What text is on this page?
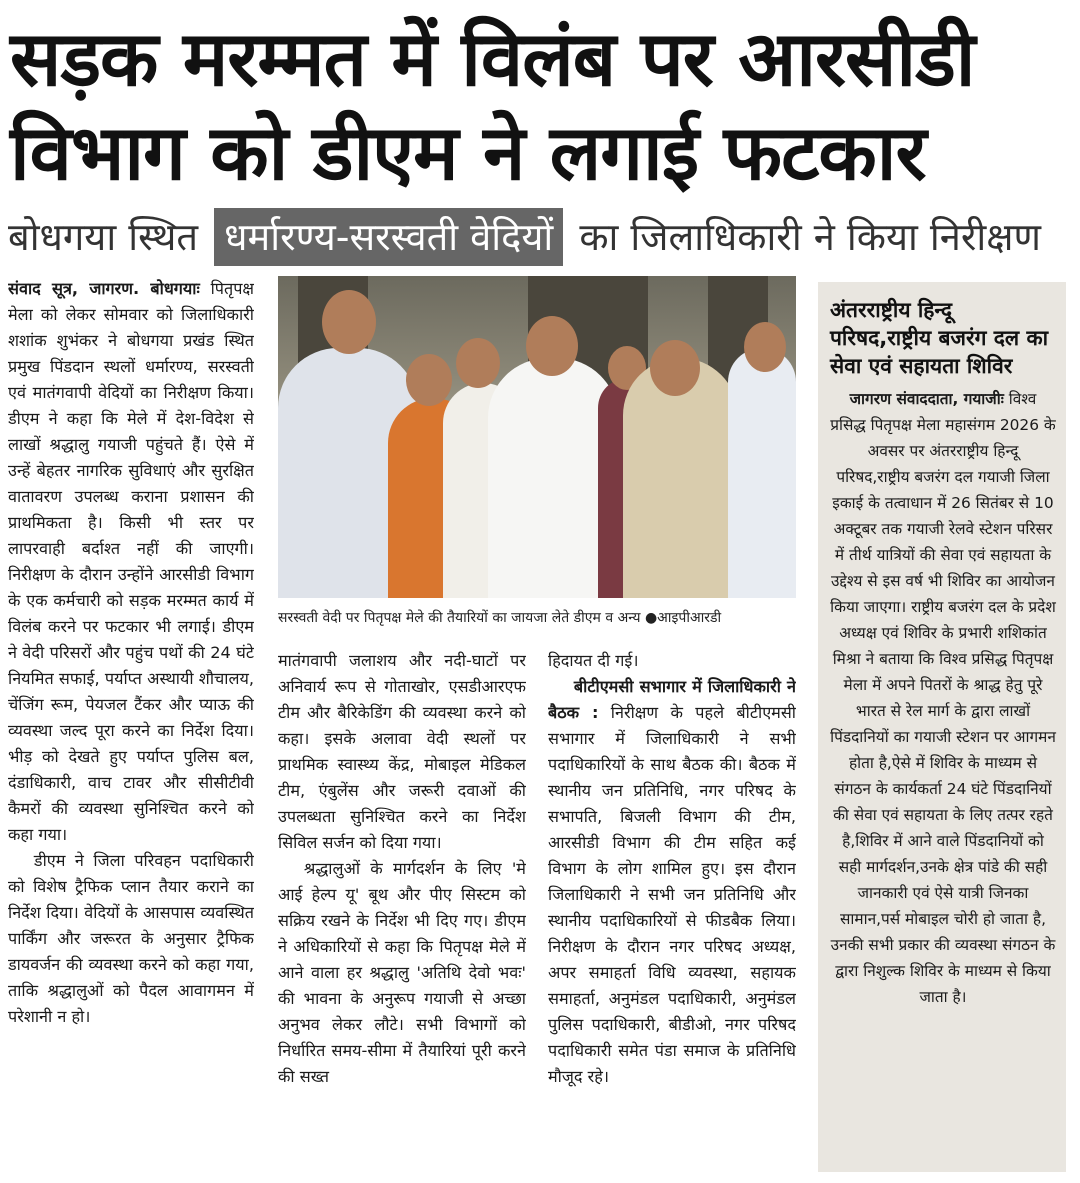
सड़क मरम्मत में विलंब पर आरसीडी
विभाग को डीएम ने लगाई फटकार
बोधगया स्थित धर्मारण्य-सरस्वती वेदियों का जिलाधिकारी ने किया निरीक्षण

संवाद सूत्र, जागरण. बोधगयाः पितृपक्ष मेला को लेकर सोमवार को जिलाधिकारी शशांक शुभंकर ने बोधगया प्रखंड स्थित प्रमुख पिंडदान स्थलों धर्मारण्य, सरस्वती एवं मातंगवापी वेदियों का निरीक्षण किया। डीएम ने कहा कि मेले में देश-विदेश से लाखों श्रद्धालु गयाजी पहुंचते हैं। ऐसे में उन्हें बेहतर नागरिक सुविधाएं और सुरक्षित वातावरण उपलब्ध कराना प्रशासन की प्राथमिकता है। किसी भी स्तर पर लापरवाही बर्दाश्त नहीं की जाएगी। निरीक्षण के दौरान उन्होंने आरसीडी विभाग के एक कर्मचारी को सड़क मरम्मत कार्य में विलंब करने पर फटकार भी लगाई। डीएम ने वेदी परिसरों और पहुंच पथों की 24 घंटे नियमित सफाई, पर्याप्त अस्थायी शौचालय, चेंजिंग रूम, पेयजल टैंकर और प्याऊ की व्यवस्था जल्द पूरा करने का निर्देश दिया। भीड़ को देखते हुए पर्याप्त पुलिस बल, दंडाधिकारी, वाच टावर और सीसीटीवी कैमरों की व्यवस्था सुनिश्चित करने को कहा गया।

डीएम ने जिला परिवहन पदाधिकारी को विशेष ट्रैफिक प्लान तैयार कराने का निर्देश दिया। वेदियों के आसपास व्यवस्थित पार्किंग और जरूरत के अनुसार ट्रैफिक डायवर्जन की व्यवस्था करने को कहा गया, ताकि श्रद्धालुओं को पैदल आवागमन में परेशानी न हो।

सरस्वती वेदी पर पितृपक्ष मेले की तैयारियों का जायजा लेते डीएम व अन्य ●आइपीआरडी

मातंगवापी जलाशय और नदी-घाटों पर अनिवार्य रूप से गोताखोर, एसडीआरएफ टीम और बैरिकेडिंग की व्यवस्था करने को कहा। इसके अलावा वेदी स्थलों पर प्राथमिक स्वास्थ्य केंद्र, मोबाइल मेडिकल टीम, एंबुलेंस और जरूरी दवाओं की उपलब्धता सुनिश्चित करने का निर्देश सिविल सर्जन को दिया गया।

श्रद्धालुओं के मार्गदर्शन के लिए 'मे आई हेल्प यू' बूथ और पीए सिस्टम को सक्रिय रखने के निर्देश भी दिए गए। डीएम ने अधिकारियों से कहा कि पितृपक्ष मेले में आने वाला हर श्रद्धालु 'अतिथि देवो भवः' की भावना के अनुरूप गयाजी से अच्छा अनुभव लेकर लौटे। सभी विभागों को निर्धारित समय-सीमा में तैयारियां पूरी करने की सख्त

हिदायत दी गई।

बीटीएमसी सभागार में जिलाधिकारी ने बैठक : निरीक्षण के पहले बीटीएमसी सभागार में जिलाधिकारी ने सभी पदाधिकारियों के साथ बैठक की। बैठक में स्थानीय जन प्रतिनिधि, नगर परिषद के सभापति, बिजली विभाग की टीम, आरसीडी विभाग की टीम सहित कई विभाग के लोग शामिल हुए। इस दौरान जिलाधिकारी ने सभी जन प्रतिनिधि और स्थानीय पदाधिकारियों से फीडबैक लिया। निरीक्षण के दौरान नगर परिषद अध्यक्ष, अपर समाहर्ता विधि व्यवस्था, सहायक समाहर्ता, अनुमंडल पदाधिकारी, अनुमंडल पुलिस पदाधिकारी, बीडीओ, नगर परिषद पदाधिकारी समेत पंडा समाज के प्रतिनिधि मौजूद रहे।

अंतरराष्ट्रीय हिन्दू परिषद,राष्ट्रीय बजरंग दल का सेवा एवं सहायता शिविर
जागरण संवाददाता, गयाजीः विश्व प्रसिद्ध पितृपक्ष मेला महासंगम 2026 के अवसर पर अंतरराष्ट्रीय हिन्दू परिषद,राष्ट्रीय बजरंग दल गयाजी जिला इकाई के तत्वाधान में 26 सितंबर से 10 अक्टूबर तक गयाजी रेलवे स्टेशन परिसर में तीर्थ यात्रियों की सेवा एवं सहायता के उद्देश्य से इस वर्ष भी शिविर का आयोजन किया जाएगा। राष्ट्रीय बजरंग दल के प्रदेश अध्यक्ष एवं शिविर के प्रभारी शशिकांत मिश्रा ने बताया कि विश्व प्रसिद्ध पितृपक्ष मेला में अपने पितरों के श्राद्ध हेतु पूरे भारत से रेल मार्ग के द्वारा लाखों पिंडदानियों का गयाजी स्टेशन पर आगमन होता है,ऐसे में शिविर के माध्यम से संगठन के कार्यकर्ता 24 घंटे पिंडदानियों की सेवा एवं सहायता के लिए तत्पर रहते है,शिविर में आने वाले पिंडदानियों को सही मार्गदर्शन,उनके क्षेत्र पांडे की सही जानकारी एवं ऐसे यात्री जिनका सामान,पर्स मोबाइल चोरी हो जाता है, उनकी सभी प्रकार की व्यवस्था संगठन के द्वारा निशुल्क शिविर के माध्यम से किया जाता है।
